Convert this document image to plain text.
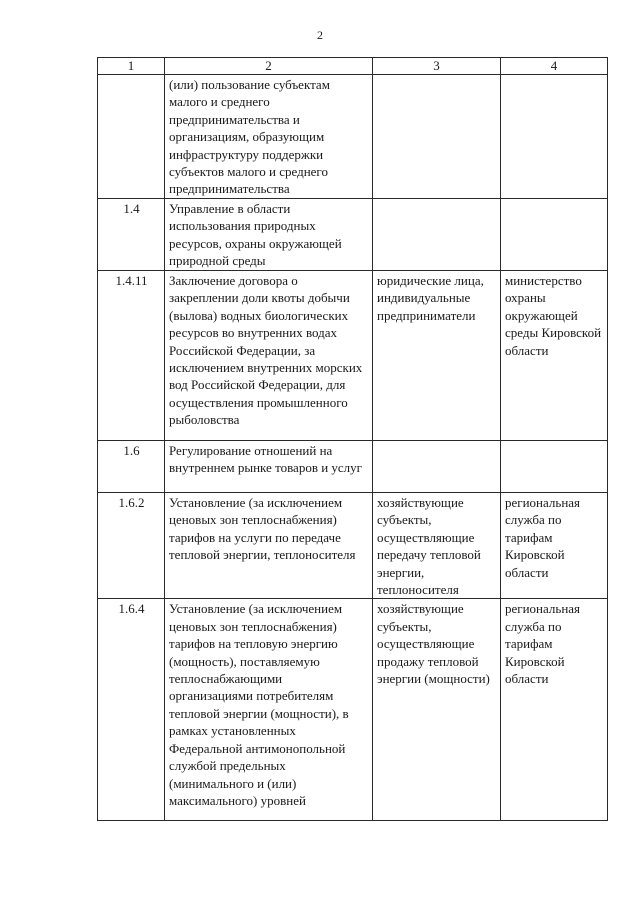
2
1	2	3	4
	(или) пользование субъектам малого и среднего предпринимательства и организациям, образующим инфраструктуру поддержки субъектов малого и среднего предпринимательства		
1.4	Управление в области использования природных ресурсов, охраны окружающей природной среды		
1.4.11	Заключение договора о закреплении доли квоты добычи (вылова) водных биологических ресурсов во внутренних водах Российской Федерации, за исключением внутренних морских вод Российской Федерации, для осуществления промышленного рыболовства	юридические лица, индивидуальные предприниматели	министерство охраны окружающей среды Кировской области
1.6	Регулирование отношений на внутреннем рынке товаров и услуг		
1.6.2	Установление (за исключением ценовых зон теплоснабжения) тарифов на услуги по передаче тепловой энергии, теплоносителя	хозяйствующие субъекты, осуществляющие передачу тепловой энергии, теплоносителя	региональная служба по тарифам Кировской области
1.6.4	Установление (за исключением ценовых зон теплоснабжения) тарифов на тепловую энергию (мощность), поставляемую теплоснабжающими организациями потребителям тепловой энергии (мощности), в рамках установленных Федеральной антимонопольной службой предельных (минимального и (или) максимального) уровней	хозяйствующие субъекты, осуществляющие продажу тепловой энергии (мощности)	региональная служба по тарифам Кировской области
